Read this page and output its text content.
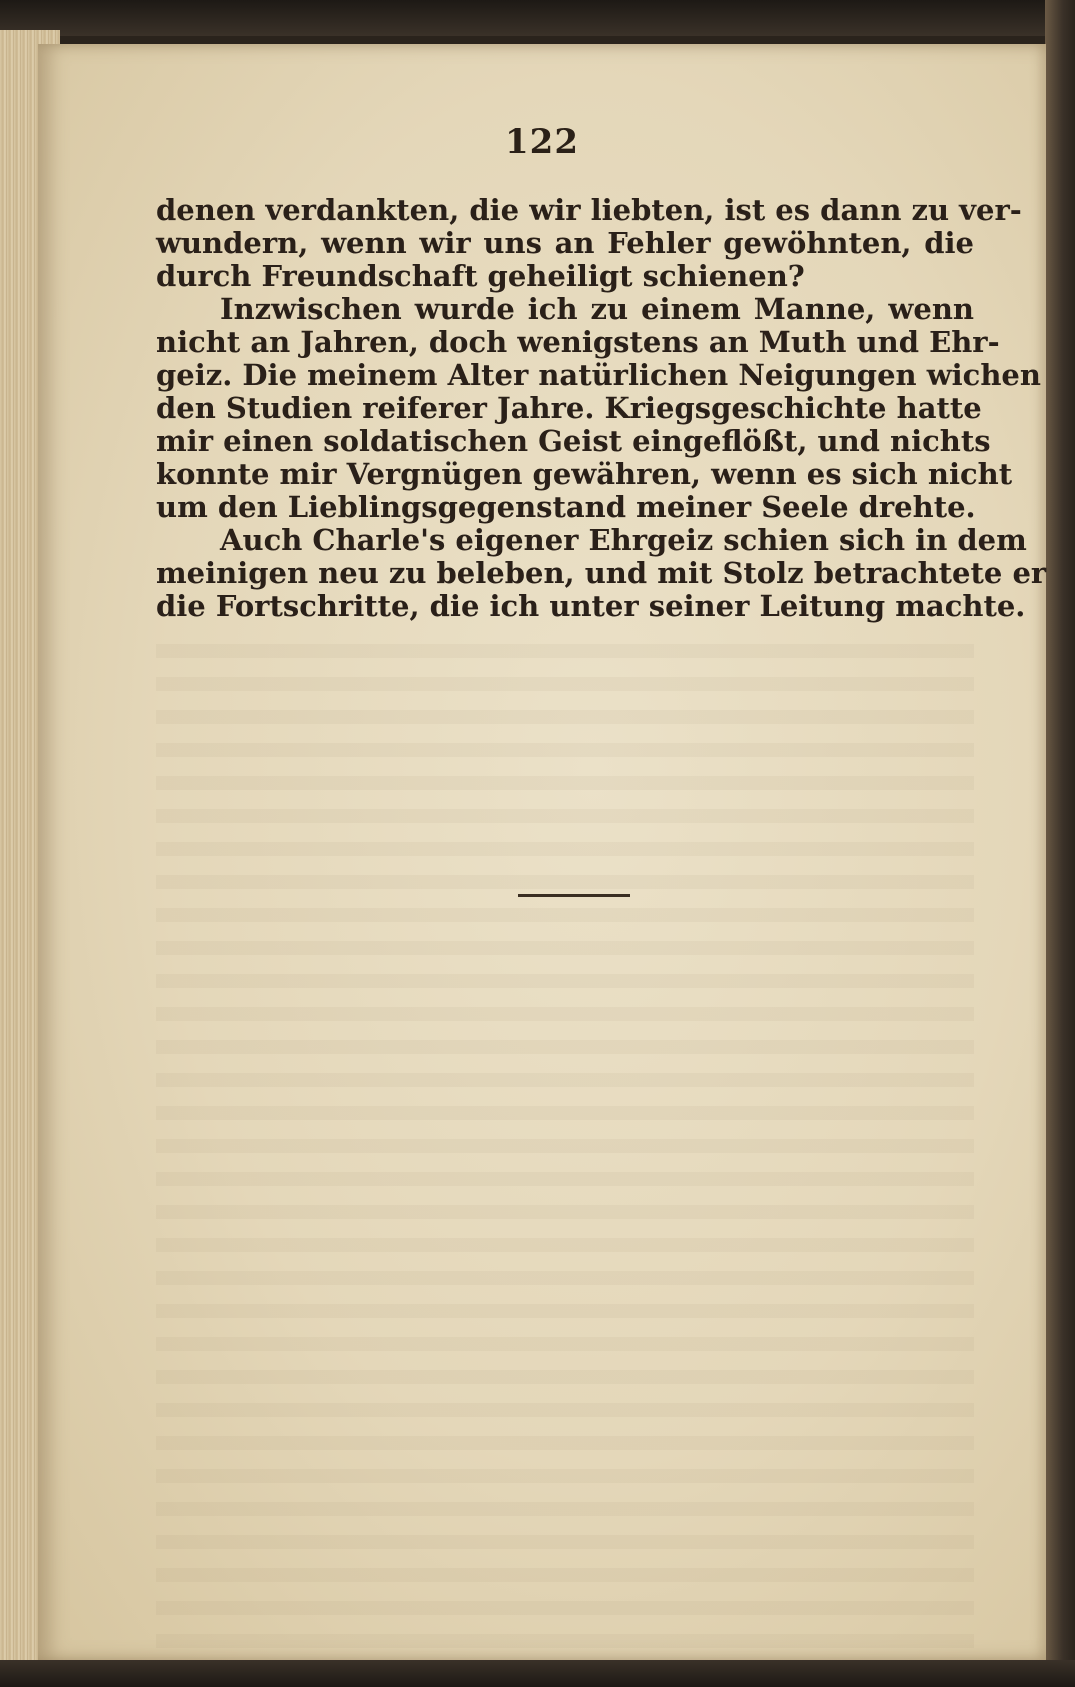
122
denen verdankten, die wir liebten, ist es dann zu ver-
wundern, wenn wir uns an Fehler gewöhnten, die
durch Freundschaft geheiligt schienen?
Inzwischen wurde ich zu einem Manne, wenn
nicht an Jahren, doch wenigstens an Muth und Ehr-
geiz. Die meinem Alter natürlichen Neigungen wichen
den Studien reiferer Jahre. Kriegsgeschichte hatte
mir einen soldatischen Geist eingeflößt, und nichts
konnte mir Vergnügen gewähren, wenn es sich nicht
um den Lieblingsgegenstand meiner Seele drehte.
Auch Charle's eigener Ehrgeiz schien sich in dem
meinigen neu zu beleben, und mit Stolz betrachtete er
die Fortschritte, die ich unter seiner Leitung machte.
